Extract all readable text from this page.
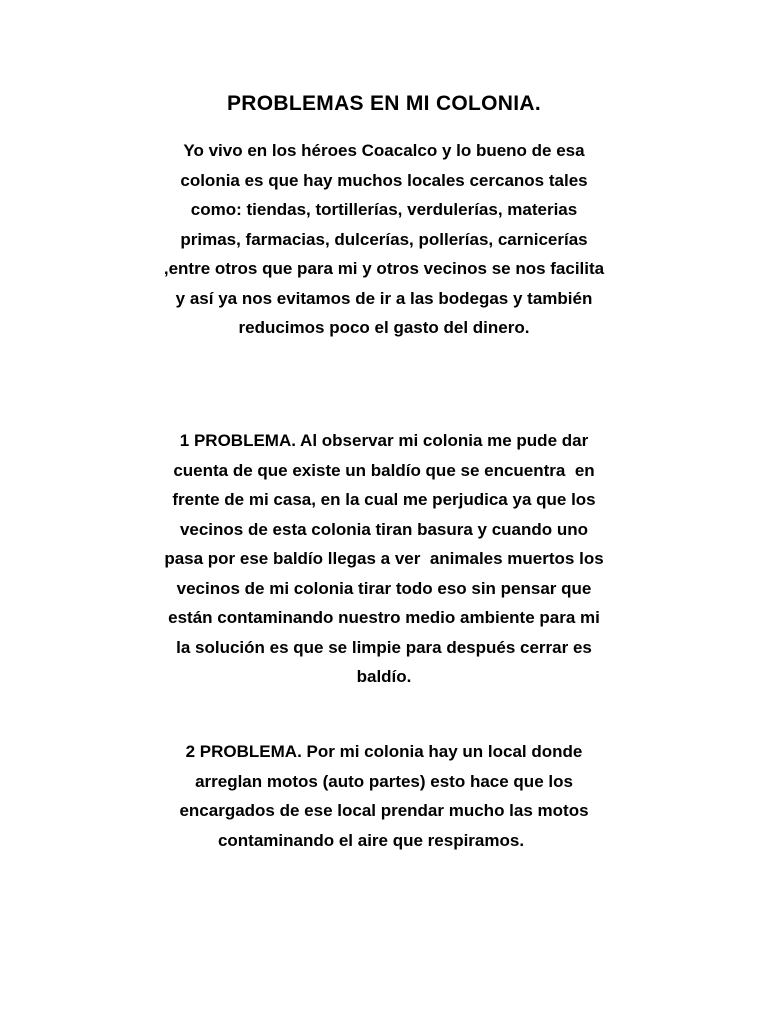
PROBLEMAS EN MI COLONIA.

Yo vivo en los héroes Coacalco y lo bueno de esa
colonia es que hay muchos locales cercanos tales
como: tiendas, tortillerías, verdulerías, materias
primas, farmacias, dulcerías, pollerías, carnicerías
,entre otros que para mi y otros vecinos se nos facilita
y así ya nos evitamos de ir a las bodegas y también
reducimos poco el gasto del dinero.

1 PROBLEMA. Al observar mi colonia me pude dar
cuenta de que existe un baldío que se encuentra  en
frente de mi casa, en la cual me perjudica ya que los
vecinos de esta colonia tiran basura y cuando uno
pasa por ese baldío llegas a ver  animales muertos los
vecinos de mi colonia tirar todo eso sin pensar que
están contaminando nuestro medio ambiente para mi
la solución es que se limpie para después cerrar es
baldío.

2 PROBLEMA. Por mi colonia hay un local donde
arreglan motos (auto partes) esto hace que los
encargados de ese local prendar mucho las motos
contaminando el aire que respiramos.
